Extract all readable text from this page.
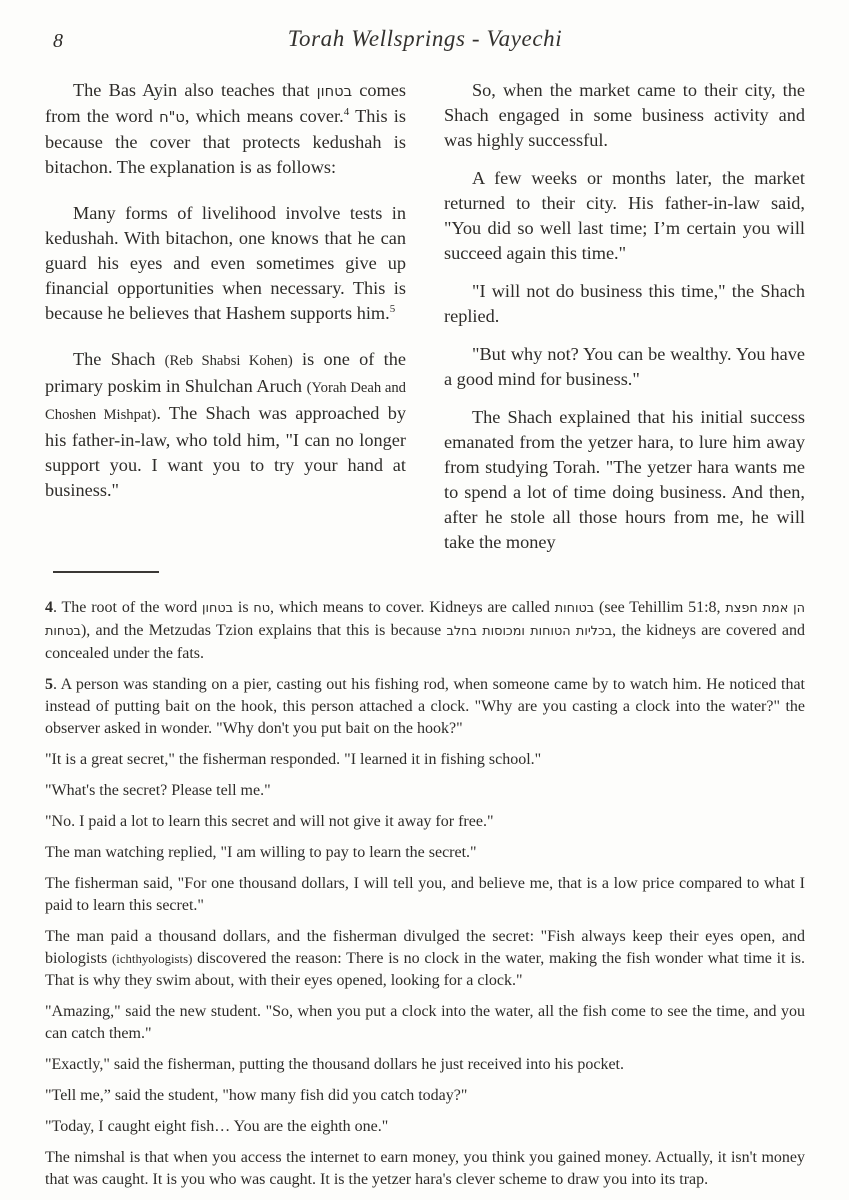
8	Torah Wellsprings - Vayechi

The Bas Ayin also teaches that בטחון comes from the word ט"ח, which means cover.$^4$ This is because the cover that protects kedushah is bitachon. The explanation is as follows:

Many forms of livelihood involve tests in kedushah. With bitachon, one knows that he can guard his eyes and even sometimes give up financial opportunities when necessary. This is because he believes that Hashem supports him.$^5$

The Shach (Reb Shabsi Kohen) is one of the primary poskim in Shulchan Aruch (Yorah Deah and Choshen Mishpat). The Shach was approached by his father-in-law, who told him, "I can no longer support you. I want you to try your hand at business."

So, when the market came to their city, the Shach engaged in some business activity and was highly successful.

A few weeks or months later, the market returned to their city. His father-in-law said, "You did so well last time; I’m certain you will succeed again this time."

"I will not do business this time," the Shach replied.

"But why not? You can be wealthy. You have a good mind for business."

The Shach explained that his initial success emanated from the yetzer hara, to lure him away from studying Torah. "The yetzer hara wants me to spend a lot of time doing business. And then, after he stole all those hours from me, he will take the money

4. The root of the word בטחון is טח, which means to cover. Kidneys are called בטוחות (see Tehillim 51:8, הן אמת חפצת בטחות), and the Metzudas Tzion explains that this is because בכליות הטוחות ומכוסות בחלב, the kidneys are covered and concealed under the fats.

5. A person was standing on a pier, casting out his fishing rod, when someone came by to watch him. He noticed that instead of putting bait on the hook, this person attached a clock. "Why are you casting a clock into the water?" the observer asked in wonder. "Why don't you put bait on the hook?"

"It is a great secret," the fisherman responded. "I learned it in fishing school."

"What's the secret? Please tell me."

"No. I paid a lot to learn this secret and will not give it away for free."

The man watching replied, "I am willing to pay to learn the secret."

The fisherman said, "For one thousand dollars, I will tell you, and believe me, that is a low price compared to what I paid to learn this secret."

The man paid a thousand dollars, and the fisherman divulged the secret: "Fish always keep their eyes open, and biologists (ichthyologists) discovered the reason: There is no clock in the water, making the fish wonder what time it is. That is why they swim about, with their eyes opened, looking for a clock."

"Amazing," said the new student. "So, when you put a clock into the water, all the fish come to see the time, and you can catch them."

"Exactly," said the fisherman, putting the thousand dollars he just received into his pocket.

"Tell me,” said the student, "how many fish did you catch today?"

"Today, I caught eight fish… You are the eighth one."

The nimshal is that when you access the internet to earn money, you think you gained money. Actually, it isn't money that was caught. It is you who was caught. It is the yetzer hara's clever scheme to draw you into its trap.
